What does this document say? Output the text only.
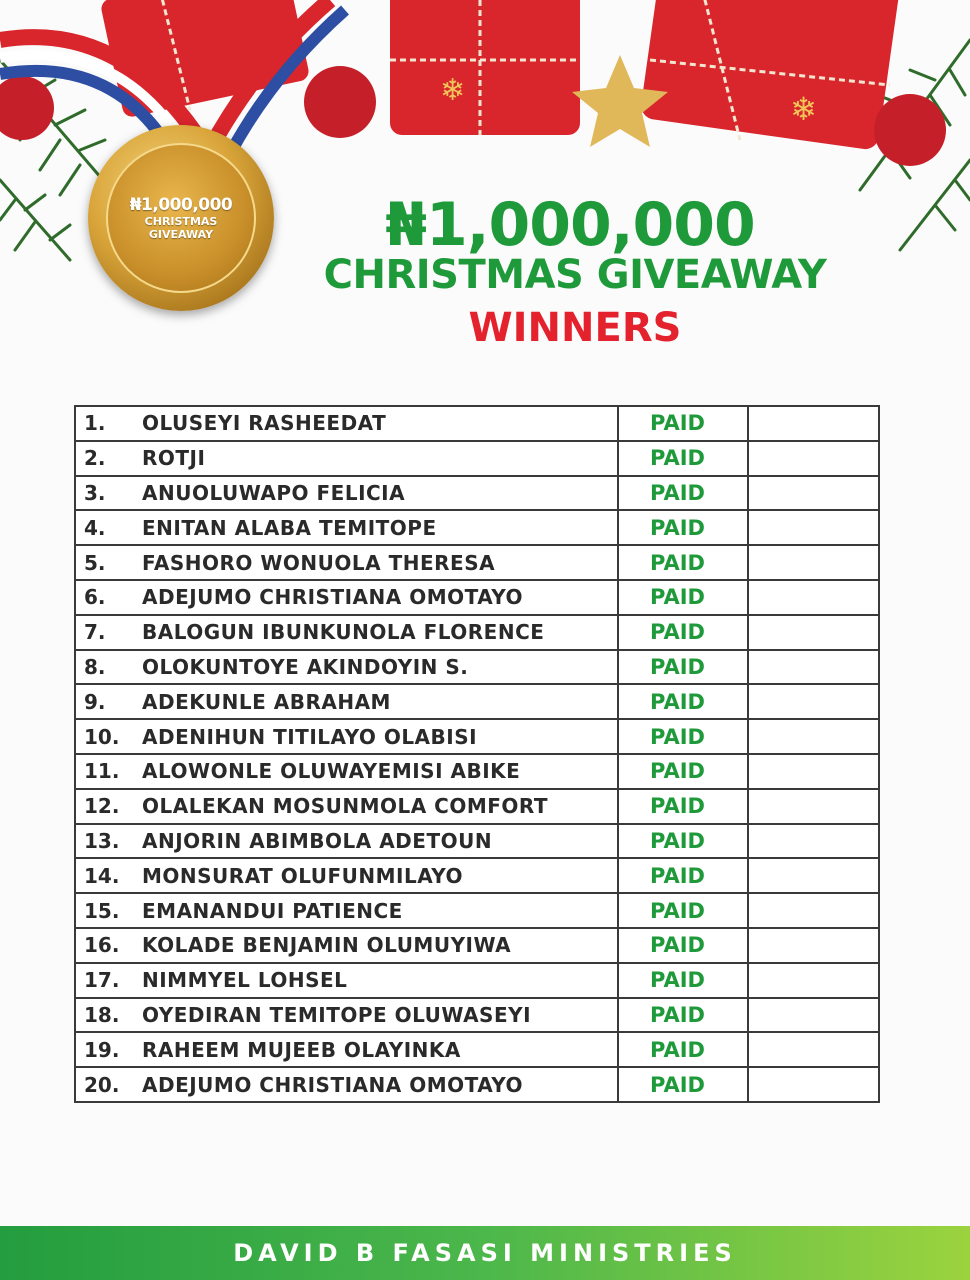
❄	❄
₦1,000,000
CHRISTMAS
GIVEAWAY	₦1,000,000
CHRISTMAS GIVEAWAY
WINNERS
1. OLUSEYI RASHEEDAT	PAID	
2. ROTJI	PAID	
3. ANUOLUWAPO FELICIA	PAID	
4. ENITAN ALABA TEMITOPE	PAID	
5. FASHORO WONUOLA THERESA	PAID	
6. ADEJUMO CHRISTIANA OMOTAYO	PAID	
7. BALOGUN IBUNKUNOLA FLORENCE	PAID	
8. OLOKUNTOYE AKINDOYIN S.	PAID	
9. ADEKUNLE ABRAHAM	PAID	
10. ADENIHUN TITILAYO OLABISI	PAID	
11. ALOWONLE OLUWAYEMISI ABIKE	PAID	
12. OLALEKAN MOSUNMOLA COMFORT	PAID	
13. ANJORIN ABIMBOLA ADETOUN	PAID	
14. MONSURAT OLUFUNMILAYO	PAID	
15. EMANANDUI PATIENCE	PAID	
16. KOLADE BENJAMIN OLUMUYIWA	PAID	
17. NIMMYEL LOHSEL	PAID	
18. OYEDIRAN TEMITOPE OLUWASEYI	PAID	
19. RAHEEM MUJEEB OLAYINKA	PAID	
20. ADEJUMO CHRISTIANA OMOTAYO	PAID	
DAVID B FASASI MINISTRIES
